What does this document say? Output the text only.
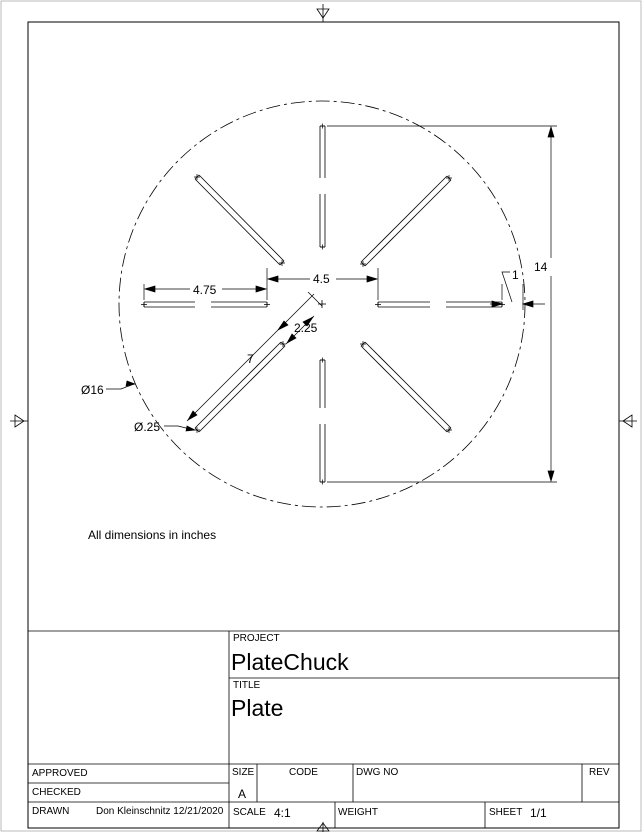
4.75
4.5	1
14
2.25
7
Ø16
Ø.25
All dimensions in inches
PROJECT
PlateChuck
TITLE
Plate
APPROVED
CHECKED
DRAWN	Don Kleinschnitz 12/21/2020
SIZE
A
CODE	DWG NO	REV
SCALE 4:1	WEIGHT	SHEET 1/1
